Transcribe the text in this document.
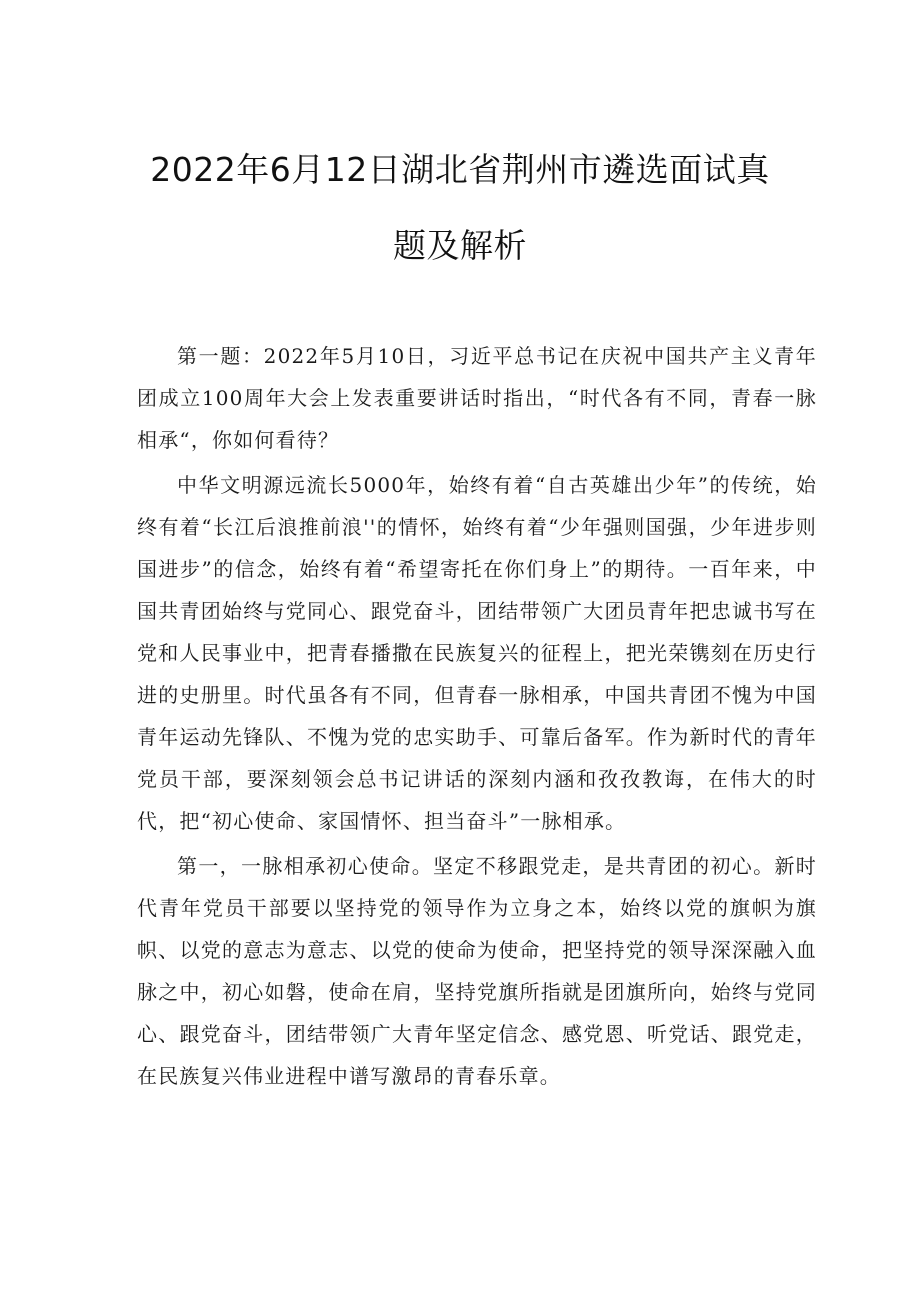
2022年6月12日湖北省荆州市遴选面试真
题及解析

第一题：2022年5月10日，习近平总书记在庆祝中国共产主义青年团成立100周年大会上发表重要讲话时指出，“时代各有不同，青春一脉相承“，你如何看待？

中华文明源远流长5000年，始终有着“自古英雄出少年”的传统，始终有着“长江后浪推前浪''的情怀，始终有着“少年强则国强，少年进步则国进步”的信念，始终有着“希望寄托在你们身上”的期待。一百年来，中国共青团始终与党同心、跟党奋斗，团结带领广大团员青年把忠诚书写在党和人民事业中，把青春播撒在民族复兴的征程上，把光荣镌刻在历史行进的史册里。时代虽各有不同，但青春一脉相承，中国共青团不愧为中国青年运动先锋队、不愧为党的忠实助手、可靠后备军。作为新时代的青年党员干部，要深刻领会总书记讲话的深刻内涵和孜孜教诲，在伟大的时代，把“初心使命、家国情怀、担当奋斗”一脉相承。

第一，一脉相承初心使命。坚定不移跟党走，是共青团的初心。新时代青年党员干部要以坚持党的领导作为立身之本，始终以党的旗帜为旗帜、以党的意志为意志、以党的使命为使命，把坚持党的领导深深融入血脉之中，初心如磐，使命在肩，坚持党旗所指就是团旗所向，始终与党同心、跟党奋斗，团结带领广大青年坚定信念、感党恩、听党话、跟党走，在民族复兴伟业进程中谱写激昂的青春乐章。
